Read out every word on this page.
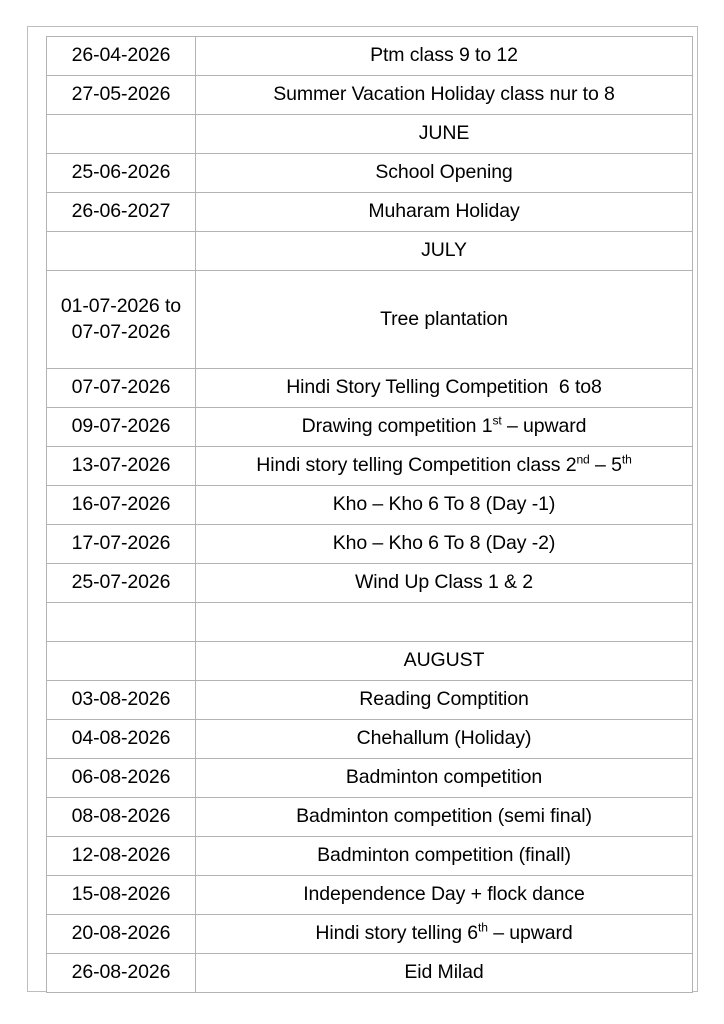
26-04-2026	Ptm class 9 to 12
27-05-2026	Summer Vacation Holiday class nur to 8
	JUNE
25-06-2026	School Opening
26-06-2027	Muharam Holiday
	JULY
01-07-2026 to 07-07-2026	Tree plantation
07-07-2026	Hindi Story Telling Competition  6 to8
09-07-2026	Drawing competition 1st – upward
13-07-2026	Hindi story telling Competition class 2nd – 5th
16-07-2026	Kho – Kho 6 To 8 (Day -1)
17-07-2026	Kho – Kho 6 To 8 (Day -2)
25-07-2026	Wind Up Class 1 & 2

	AUGUST
03-08-2026	Reading Comptition
04-08-2026	Chehallum (Holiday)
06-08-2026	Badminton competition
08-08-2026	Badminton competition (semi final)
12-08-2026	Badminton competition (finall)
15-08-2026	Independence Day + flock dance
20-08-2026	Hindi story telling 6th – upward
26-08-2026	Eid Milad
